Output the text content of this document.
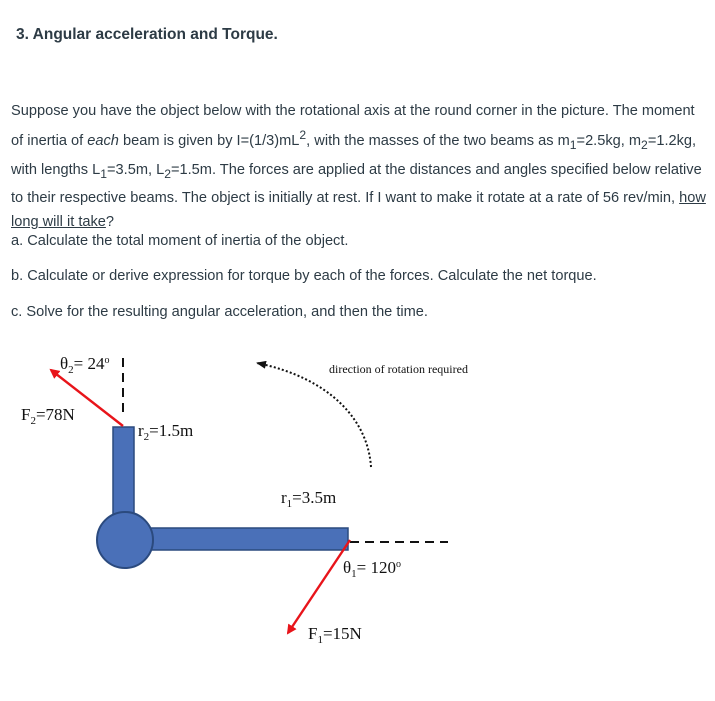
3. Angular acceleration and Torque.

Suppose you have the object below with the rotational axis at the round corner in the picture. The moment of inertia of each beam is given by $I=(1/3)mL^2$, with the masses of the two beams as $m_1=2.5kg$, $m_2=1.2kg$, with lengths $L_1=3.5m$, $L_2=1.5m$. The forces are applied at the distances and angles specified below relative to their respective beams. The object is initially at rest. If I want to make it rotate at a rate of 56 rev/min, how long will it take?

a. Calculate the total moment of inertia of the object.

b. Calculate or derive expression for torque by each of the forces. Calculate the net torque.

c. Solve for the resulting angular acceleration, and then the time.

direction of rotation required
$\theta_2= 24^o$
$F_2=78N$
$r_2=1.5m$
$r_1=3.5m$
$\theta_1= 120^o$
$F_1=15N$
